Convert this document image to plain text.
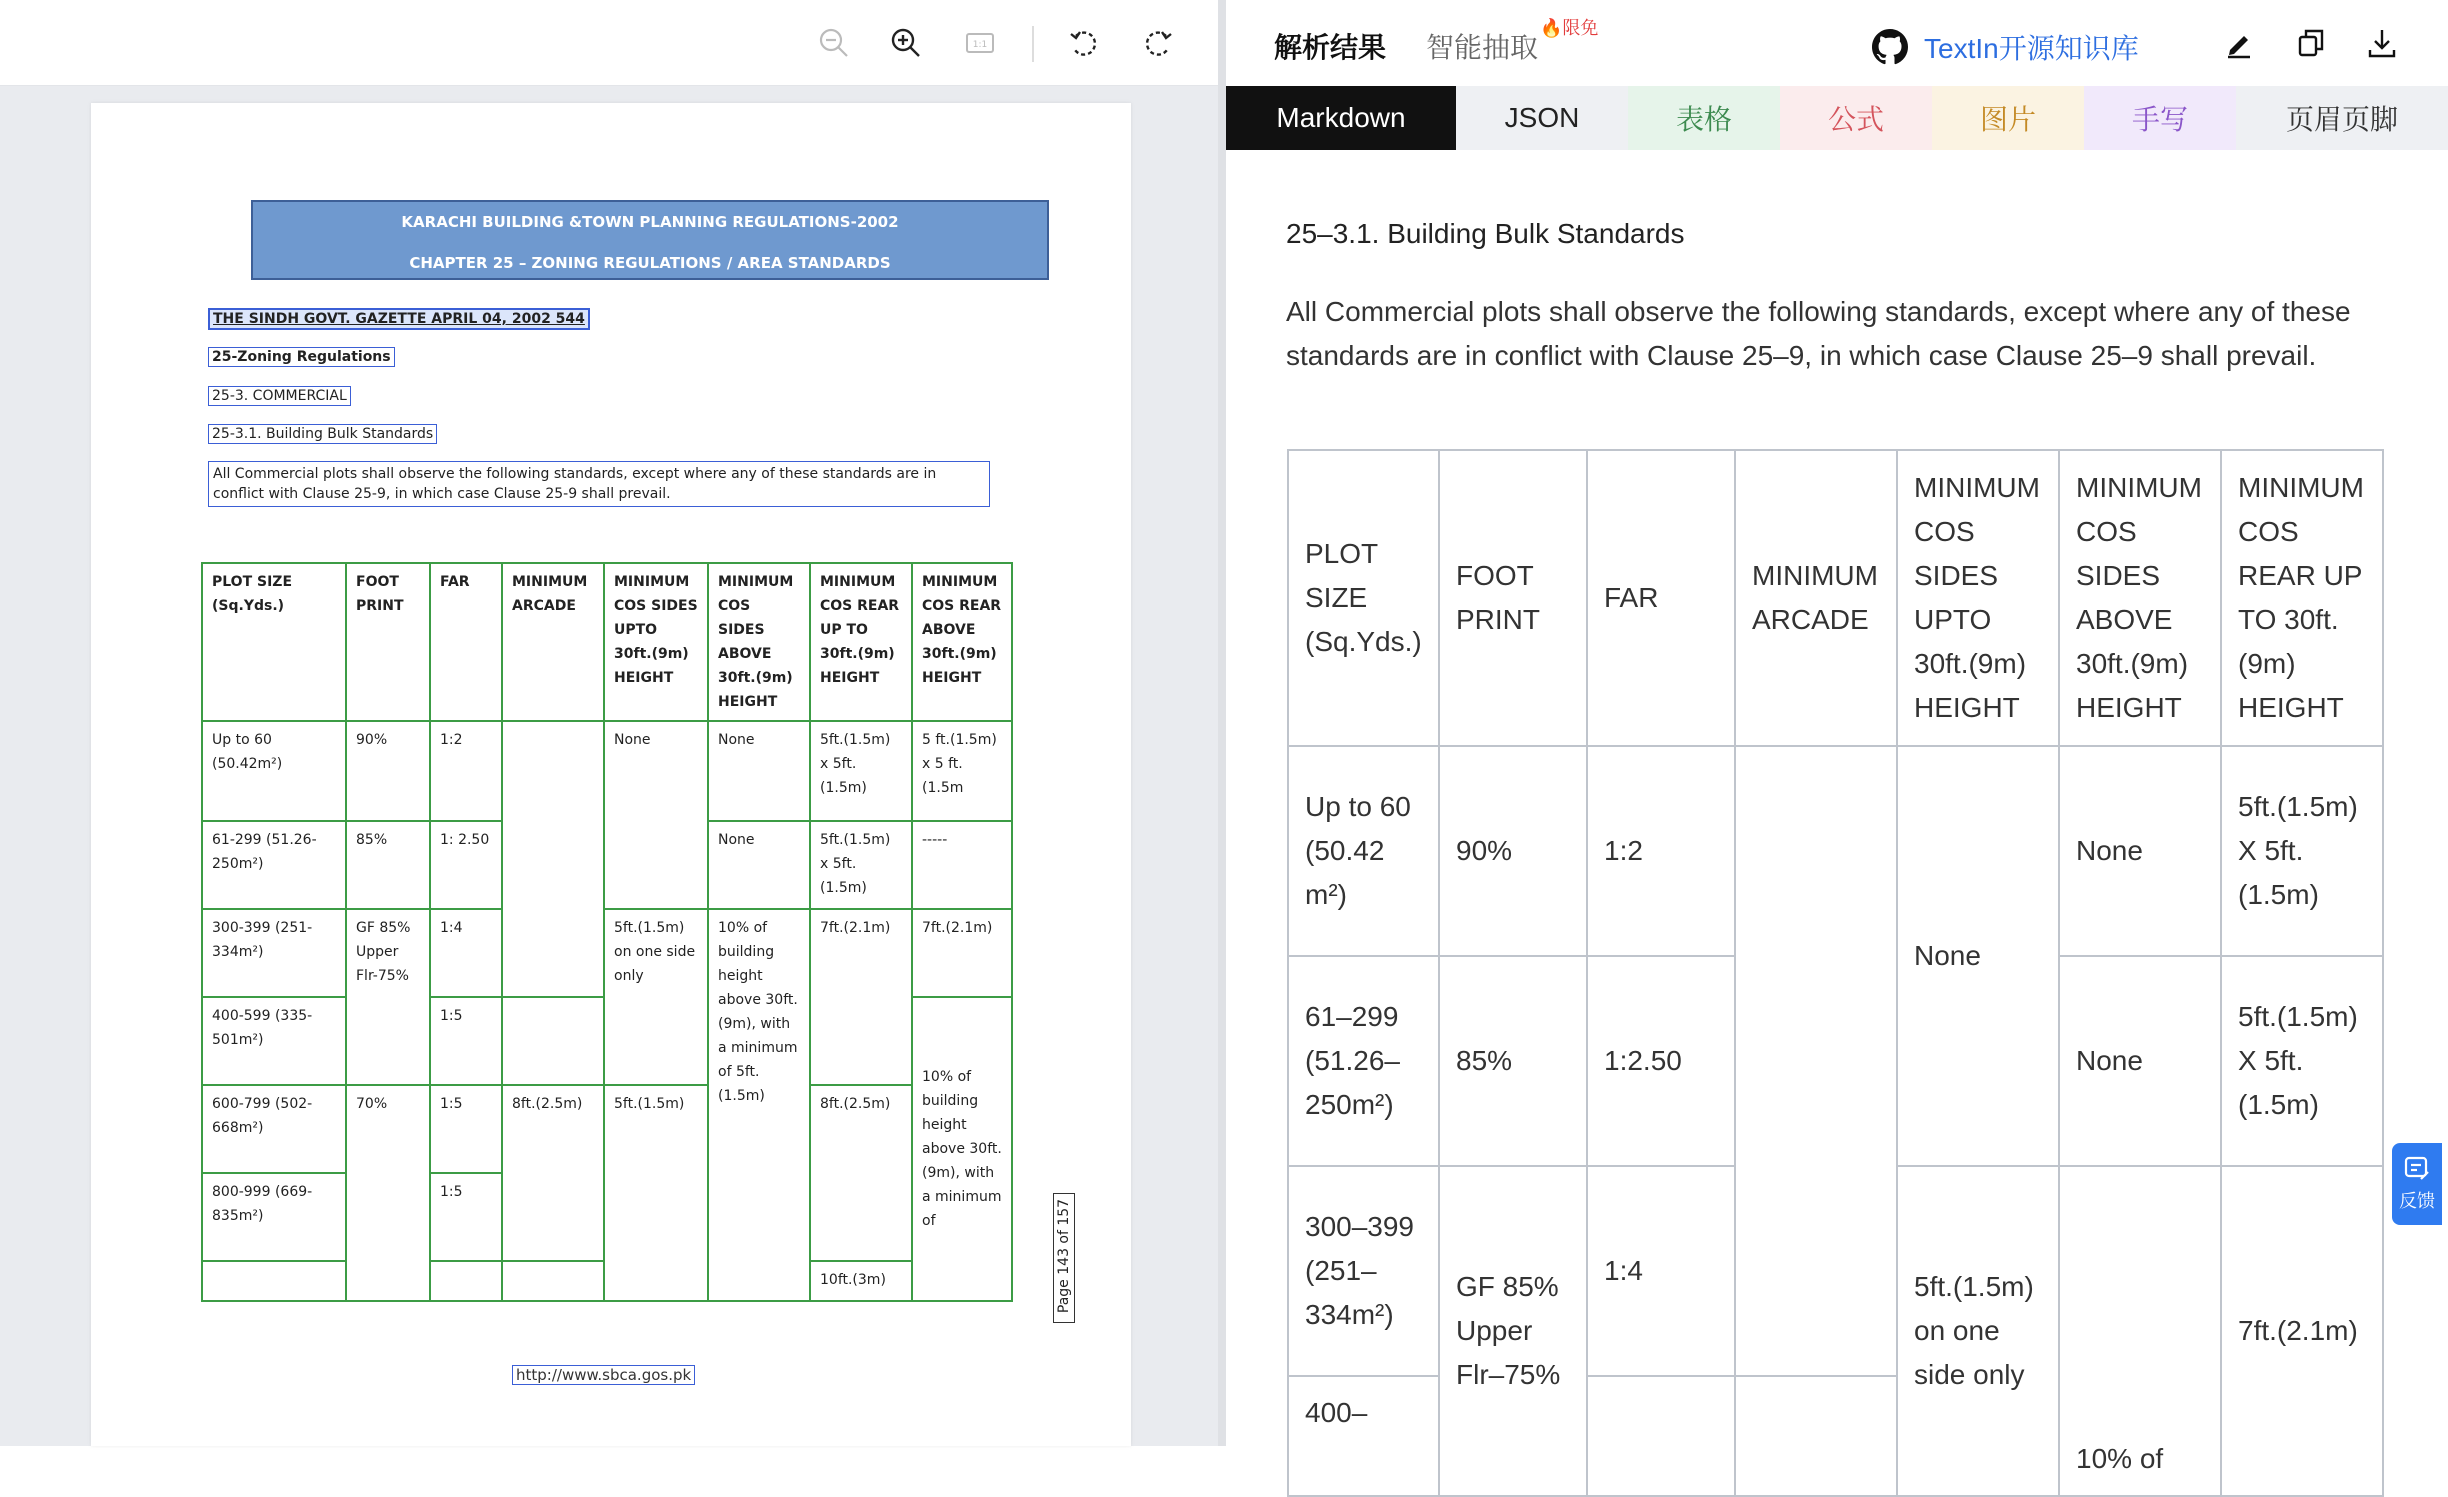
1:1
KARACHI BUILDING &TOWN PLANNING REGULATIONS-2002
CHAPTER 25 – ZONING REGULATIONS / AREA STANDARDS
THE SINDH GOVT. GAZETTE APRIL 04, 2002 544
25-Zoning Regulations
25-3. COMMERCIAL
25-3.1. Building Bulk Standards
All Commercial plots shall observe the following standards, except where any of these standards are in conflict with Clause 25-9, in which case Clause 25-9 shall prevail.
PLOT SIZE (Sq.Yds.)	FOOT PRINT	FAR	MINIMUM ARCADE	MINIMUM COS SIDES UPTO 30ft.(9m) HEIGHT	MINIMUM COS SIDES ABOVE 30ft.(9m) HEIGHT	MINIMUM COS REAR UP TO 30ft.(9m) HEIGHT	MINIMUM COS REAR ABOVE 30ft.(9m) HEIGHT
Up to 60 (50.42m²)	90%	1:2		None	None	5ft.(1.5m) x 5ft.(1.5m)	5 ft.(1.5m) x 5 ft.(1.5m
61-299 (51.26-250m²)	85%	1: 2.50			None	5ft.(1.5m) x 5ft.(1.5m)	-----
300-399 (251-334m²)	GF 85% Upper Flr-75%	1:4		5ft.(1.5m) on one side only	10% of building height above 30ft.(9m), with a minimum of 5ft.(1.5m)	7ft.(2.1m)	7ft.(2.1m)
400-599 (335-501m²)		1:5					10% of building height above 30ft.(9m), with a minimum of
600-799 (502-668m²)	70%	1:5	8ft.(2.5m)	5ft.(1.5m)		8ft.(2.5m)	
800-999 (669-835m²)		1:5					
						10ft.(3m)		Page 143 of 157
http://www.sbca.gos.pk
解析结果 智能抽取
🔥限免
TextIn开源知识库
Markdown	JSON	表格	公式	图片	手写	页眉页脚
25–3.1. Building Bulk Standards
All Commercial plots shall observe the following standards, except where any of these standards are in conflict with Clause 25–9, in which case Clause 25–9 shall prevail.
PLOT SIZE (Sq.Yds.)	FOOT PRINT	FAR	MINIMUM ARCADE	MINIMUM COS SIDES UPTO 30ft.(9m) HEIGHT	MINIMUM COS SIDES ABOVE 30ft.(9m) HEIGHT	MINIMUM COS REAR UP TO 30ft.(9m) HEIGHT
Up to 60 (50.42 m²)	90%	1:2		None	None	5ft.(1.5m) X 5ft.(1.5m)
61–299 (51.26–250m²)	85%	1:2.50			None	5ft.(1.5m) X 5ft.(1.5m)
300–399 (251–334m²)	GF 85% Upper Flr–75%	1:4		5ft.(1.5m) on one side only	10% of	7ft.(2.1m)
400–						
反馈
